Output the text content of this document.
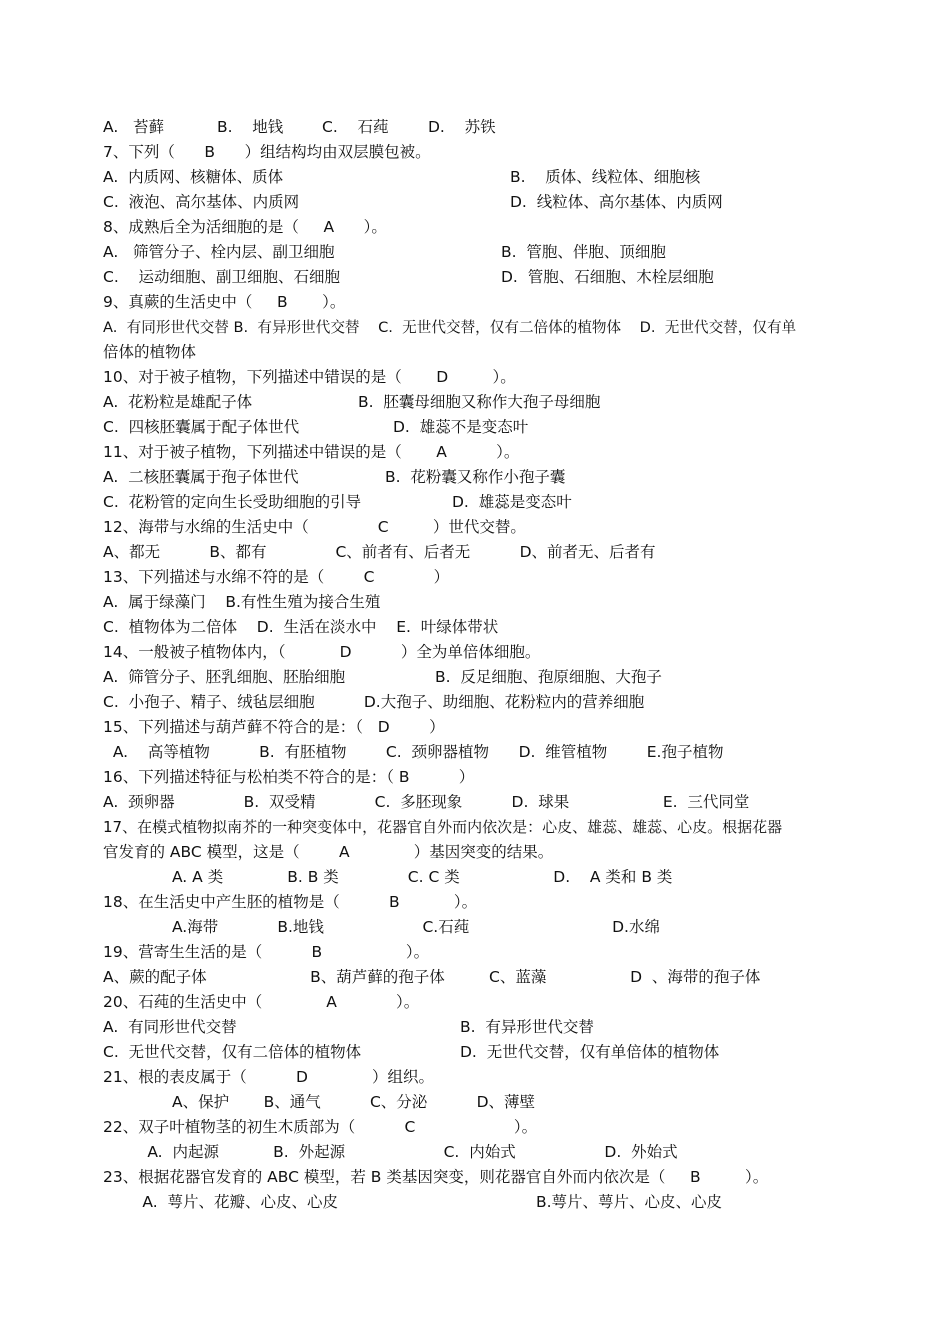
A.   苔藓	B.    地钱 C.    石莼	D.    苏铁
7、下列（      B      ）组结构均由双层膜包被。
A.  内质网、核糖体、质体	B.    质体、线粒体、细胞核
C.  液泡、高尔基体、内质网	D.  线粒体、高尔基体、内质网
8、成熟后全为活细胞的是（     A      ）。
A.   筛管分子、栓内层、副卫细胞	B.  管胞、伴胞、顶细胞
C.    运动细胞、副卫细胞、石细胞	D.  管胞、石细胞、木栓层细胞
9、真蕨的生活史中（     B       ）。
A.  有同形世代交替 B.  有异形世代交替    C.  无世代交替，仅有二倍体的植物体    D.  无世代交替，仅有单
倍体的植物体
10、对于被子植物，下列描述中错误的是（       D         ）。
A.  花粉粒是雄配子体	B.  胚囊母细胞又称作大孢子母细胞
C.  四核胚囊属于配子体世代	D.  雄蕊不是变态叶
11、对于被子植物，下列描述中错误的是（       A          ）。
A.  二核胚囊属于孢子体世代	B.  花粉囊又称作小孢子囊
C.  花粉管的定向生长受助细胞的引导	D.  雄蕊是变态叶
12、海带与水绵的生活史中（              C         ）世代交替。
A、都无          B、都有              C、前者有、后者无          D、前者无、后者有
13、下列描述与水绵不符的是（        C            ）
A.  属于绿藻门    B.有性生殖为接合生殖
C.  植物体为二倍体    D.  生活在淡水中    E.  叶绿体带状
14、一般被子植物体内，（           D          ）全为单倍体细胞。
A.  筛管分子、胚乳细胞、胚胎细胞	B.  反足细胞、孢原细胞、大孢子
C.  小孢子、精子、绒毡层细胞          D.大孢子、助细胞、花粉粒内的营养细胞
15、下列描述与葫芦藓不符合的是：（   D        ）
A.    高等植物          B.  有胚植物        C.  颈卵器植物      D.  维管植物        E.孢子植物
16、下列描述特征与松柏类不符合的是：（ B          ）
A.  颈卵器              B.  双受精            C.  多胚现象          D.  球果                   E.  三代同堂
17、在模式植物拟南芥的一种突变体中，花器官自外而内依次是：心皮、雄蕊、雄蕊、心皮。根据花器
官发育的 ABC 模型，这是（        A             ）基因突变的结果。
A. A 类             B. B 类              C. C 类                   D.    A 类和 B 类
18、在生活史中产生胚的植物是（          B           ）。
A.海带            B.地钱                    C.石莼                             D.水绵
19、营寄生生活的是（          B                 ）。
A、蕨的配子体                     B、葫芦藓的孢子体         C、蓝藻                 D  、海带的孢子体
20、石莼的生活史中（             A            ）。
A.  有同形世代交替	B.  有异形世代交替
C.  无世代交替，仅有二倍体的植物体	D.  无世代交替，仅有单倍体的植物体
21、根的表皮属于（          D             ）组织。
A、保护       B、通气          C、分泌          D、薄壁
22、双子叶植物茎的初生木质部为（          C                    ）。
A.  内起源           B.  外起源                    C.  内始式                  D.  外始式
23、根据花器官发育的 ABC 模型，若 B 类基因突变，则花器官自外而内依次是（     B         ）。
A.  萼片、花瓣、心皮、心皮	B.萼片、萼片、心皮、心皮
